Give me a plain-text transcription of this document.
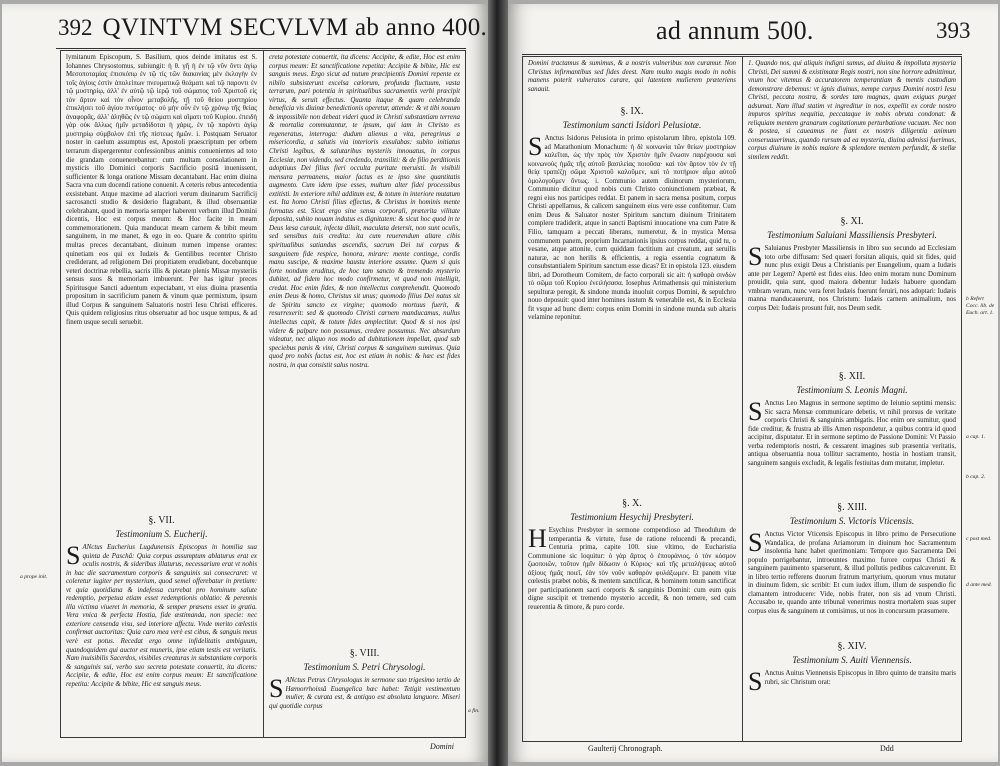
392 QVINTVM SECVLVM ab anno 400.

lymitanum Episcopum, S. Basilium, quos deinde imitatus est S. Iohannes Chrysostomus, subiungit: ἡ θ. γῆ ἡ ἐν τῷ νῦν ὄντι ἁγίῳ Μεσοποταμίας ἐπισκόπῳ ἐν τῷ τίς τῶν διακονίας μὲν ἐκλογὴν ἐν τοῖς ἁγίοις ἐστὶν ἀπολείπων πνευματικῷ θεάματι καὶ τῷ παροντι ἐν τῷ μυστηρίῳ, ἀλλ' ἐν αὐτῷ τῷ ἱερῷ τοῦ σώματος τοῦ Χριστοῦ εἰς τὸν ἄρτον καὶ τὸν οἶνον μεταβολῆς, τῇ τοῦ θείου μυστηρίου ἐπικλήσει τοῦ ἁγίου πνεύματος· οὐ μὴν οὖν ἐν τῷ χρόνῳ τῆς θείας ἀναφορᾶς, ἀλλ' ἀληθῶς ἐν τῷ σώματι καὶ αἵματι τοῦ Κυρίου. ἐπειδὴ γὰρ οὐκ ἄλλως ἡμῖν μεταδίδοται ἡ χάρις, ἐν τῷ παρόντι ἀγίῳ μυστηρίῳ σύμβολον ἐπὶ τῆς πίστεως ἡμῶν. i. Postquam Seruator noster in caelum assumptus est, Apostoli praescriptum per orbem terrarum dispergerentur confessionibus animis conuenientes ad toto die grandam conuenerebantur: cum multam consolationem in mysticis illo Dominici corporis Sacrificio positâ inuenissent, sufficienter & longa oratione Missam decantabant. Hac enim diuina Sacra vna cum docendi ratione conuenit. A ceteris rebus antecedentia exsistebant. Atque maxime ad alacriori verum diuinarum Sacrificij sacrosancti studio & desiderio flagrabant, & illud obseruantiæ celebrabant, quod in memoria semper haberent verbum illud Domini dicentis, Hoc est corpus meum: & Hoc facite in meam commemorationem. Quia manducat meam carnem & bibit meum sanguinem, in me manet, & ego in eo. Quare & contrito spiritu multas preces decantabant, diuinum numen impense orantes: quinetiam eos qui ex Iudæis & Gentilibus recenter Christo crediderant, ad religionem Dei propitiatem erudiebant, docebantque veteri doctrinæ rebellia, sacris illis & pietate plenis Missæ mysteriis sensus suos & memoriam imbuerunt. Per has igitur preces Spiritusque Sancti aduentum expectabant, vt eius diuina præsentia propositum in sacrificium panem & vinum quæ permixtum, ipsum illud Corpus & sanguinem Saluatoris nostri Iesu Christi efficeres. Quis quidem religiosius ritus obseruatur ad hoc usque tempus, & ad finem usque seculi seruebit.

§. VII.
Testimonium S. Eucherij.
S ANctus Eucherius Lugdunensis Episcopus in homilia sua quinta de Paschâ: Quia corpus assumptum ablaturus erat ex oculis nostris, & sideribus illaturus, necessarium erat vt nobis in hac die sacramentum corporis & sanguinis sui consecraret: vt coleretur iugiter per mysterium, quod semel offerebatur in pretium: vt quia quotidiana & indefessa currebat pro hominum salute redemptio, perpetua etiam esset redemptionis oblatio: & perennis illa victima viueret in memoria, & semper præsens esset in gratia. Vera vnica & perfecta Hostia, fide æstimanda, non specie: nec exteriore censenda visu, sed interiore affectu. Vnde merito cœlestis confirmat auctoritas: Quia caro mea verè est cibus, & sanguis meus verè est potus. Recedat ergo omne infidelitatis ambiguum, quandoquidem qui auctor est muneris, ipse etiam testis est veritatis. Nam inuisibilis Sacerdos, visibiles creaturas in substantiam corporis & sanguinis sui, verbo suo secreta potestate conuertit, ita dicens: Accipite, & edite, Hoc est enim corpus meum: Et sanctificatione repetita: Accipite & bibite, Hic est sanguis meus.

creta potestate conuertit, ita dicens: Accipite, & edite, Hoc est enim corpus meum: Et sanctificatione repetita: Accipite & bibite, Hic est sanguis meus. Ergo sicut ad nutum præcipientis Domini repente ex nihilo subsisterunt excelsa cælorum, profunda fluctuum, vasta terrarum, pari potentia in spiritualibus sacramentis verbi præcipit virtus, & seruit effectus. Quanta itaque & quam celebranda beneficia vis diuinæ benedictionis operetur, attende: & vt tibi nouum & impossibile non debeat videri quod in Christi substantiam terrena & mortalia commutantur, te ipsum, qui iam in Christo es regeneratus, interroga: dudum alienus a vita, peregrinus a misericordia, a salutis via interioris exsulabas: subito initiatus Christi legibus, & salutaribus mysteriis innouatus, in corpus Ecclesiæ, non videndo, sed credendo, transiliti: & de filio perditionis adoptiuus Dei filius fieri occulta puritate meruisti. In visibili mensura permanens, maior factus es te ipso sine quantitatis augmento. Cum idem ipse esses, multum alter fidei processibus extitisti. In exteriore nihil additum est, & totum in interiore mutatum est. Ita homo Christi filius effectus, & Christus in hominis mente formatus est. Sicut ergo sine sensu corporali, præterita vilitate deposita, subito nouam indutus es dignitatem: & sicut hoc quod in te Deus læsa curauit, infecta diluit, maculata detersit, non sunt oculis, sed sensibus tuis credita: ita cum reuerendum altare cibis spiritualibus satiandus ascendis, sacrum Dei tui corpus & sanguinem fide respice, honora, mirare: mente continge, cordis manu suscipe, & maxime haustu interiore assume. Quem si quis forte nondum eruditus, de hoc tam sancto & tremendo mysterio dubitet, ad fidem hoc modo confirmetur, vt quod non intelligit, credat. Hoc enim fides, & non intellectus comprehendit. Quomodo enim Deus & homo, Christus sit unus; quomodo filius Dei natus sit de Spiritu sancto ex virgine; quomodo mortuus fuerit, & resurrexerit: sed & quomodo Christi carnem manducamus, nullus intellectus capit, & totum fides amplectitur. Quod & si nos ipsi videre & palpare non possumus, credere possumus. Nec absurdum videatur, nec aliquo nos modo ad dubitationem impellat, quod sub speciebus panis & vini, Christi corpus & sanguinem sumimus. Quia quod pro nobis factus est, hoc est etiam in nobis: & hæc est fides nostra, in qua consistit salus nostra.

§. VIII.
Testimonium S. Petri Chrysologi.
S ANctus Petrus Chrysologus in sermone suo trigesimo tertio de Hæmorrhoissâ Euangelica hæc habet: Tetigit vestimentum mulier, & curata est, & antiquo est absoluta languore. Miseri qui quotidie corpus

a prope init.
a fin.
Domini
ad annum 500.	393

Domini tractamus & sumimus, & a nostris vulneribus non curamur. Non Christus infirmantibus sed fides deest. Nam multo magis modo in nobis manens poterit vulneratos curare, qui latentem mulierem præteriens sanauit.

§. IX.
Testimonium sancti Isidori Pelusiotæ.
S Anctus Isidorus Pelusiota in primo epistolarum libro, epistola 109. ad Marathonium Monachum: ἡ δὲ κοινωνία τῶν θείων μυστηρίων καλεῖται, ὡς τὴν πρὸς τὸν Χριστὸν ἡμῖν ἕνωσιν παρέχουσα καὶ κοινωνοὺς ἡμᾶς τῆς αὐτοῦ βασιλείας ποιοῦσα· καὶ τὸν ἄρτον τὸν ἐν τῇ θείᾳ τραπέζῃ σῶμα Χριστοῦ καλοῦμεν, καὶ τὸ ποτήριον αἷμα αὐτοῦ ὁμολογοῦμεν ὄντως. i. Communio autem diuinorum mysteriorum, Communio dicitur quod nobis cum Christo coniunctionem præbeat, & regni eius nos participes reddat. Et panem in sacra mensa positum, corpus Christi appellamus, & calicem sanguinem eius vere esse confitemur. Cum enim Deus & Saluator noster Spiritum sanctum diuinum Trinitatem complere tradiderit, atque in sancti Baptismi inuocatione vna cum Patre & Filio, tamquam a peccati liberans, numeretur, & in mystica Mensa communem panem, proprium Incarnationis ipsius corpus reddat, quid tu, o vesane, atque attonite, cum quiddam factitium aut creatum, aut seruilis naturæ, ac non herilis & efficientis, a regia essentia cognatum & consubstantialem Spiritum sanctum esse dicas? Et in epistola 123. eiusdem libri, ad Dorotheum Comitem, de facto corporali sic ait: ἡ καθαρὰ σινδὼν τὸ σῶμα τοῦ Κυρίου ἐνειλήσασα. Iosephus Arimathensis qui ministerium sepulturæ peregit, & sindone munda inuoluit corpus Domini, & sepulchro nouo deposuit: quod inter homines iustum & venerabile est, & in Ecclesia fit vsque ad hunc diem: corpus enim Domini in sindone munda sub altaris velamine reponitur.

§. X.
Testimonium Hesychij Presbyteri.
H Esychius Presbyter in sermone compendioso ad Theodulum de temperantia & virtute, fuse de ratione relucendi & precandi, Centuria prima, capite 100. siue vltimo, de Eucharistia Communione sic loquitur: ὁ γὰρ ἄρτος ὁ ἐπουράνιος, ὁ τὸν κόσμον ζωοποιῶν, τοῦτον ἡμῖν δίδωσιν ὁ Κύριος· καὶ τῆς μεταλήψεως αὐτοῦ ἀξίους ἡμᾶς ποιεῖ, ἐὰν τὸν νοῦν καθαρὸν φυλάξωμεν. Et panem vitæ cœlestis præbet nobis, & mentem sanctificat, & hominem totum sanctificat per participationem sacri corporis & sanguinis Domini: cum eum quis digne suscipit et tremendo mysterio accedit, & non temere, sed cum reuerentia & timore, & puro corde.

1. Quando nos, qui aliquis indigni sumus, ad diuina & impolluta mysteria Christi, Dei summi & existimatæ Regis nostri, non sine horrore admittimur, vnum hoc vitemus & accuratorem temperantiam & mentis custodiam demonstrare debemus: vt ignis diuinus, nempe corpus Domini nostri Iesu Christi, peccata nostra, & sordes tam magnas, quam exiguas purget adsumat. Nam illud statim vt ingreditur in nos, expellit ex corde nostro impuros spiritus nequitia, peccataque in nobis obruta condonat: & reliquiam mentem granarum cogitationum perturbatione vacuam. Nec non & postea, si caueamus ne fiant ex nostris diligentia animum conseruauerimus, quando rursum ad ea mysteria, diuina admissi fuerimus, corpus diuinum in nobis maiore & splendore mentem perfundit, & stellæ similem reddit.

§. XI.
Testimonium Saluiani Massiliensis Presbyteri.
S Saluianus Presbyter Massiliensis in libro suo secundo ad Ecclesiam toto orbe diffusam: Sed quaeri forsitan aliquis, quid sit fides, quid nunc plus exigit Deus a Christianis per Euangelium, quam a Iudæis ante per Legem? Apertè est fides eius. Ideo enim moram nunc Dominum prouidit, quia sunt, quod maiora debentur Iudæis habuere quondam vmbram veram, nunc vera feret Iudæis fuerunt feruiri, nos adoptari: Iudæis manna manducauerunt, nos Christum: Iudæis carnem animalium, nos corpus Dei: Iudæis prosunt fuit, nos Deum sedit.

§. XII.
Testimonium S. Leonis Magni.
S Anctus Leo Magnus in sermone septimo de Ieiunio septimi mensis: Sic sacra Mensæ communicare debetis, vt nihil prorsus de veritate corporis Christi & sanguinis ambigatis. Hoc enim ore sumitur, quod fide creditur, & frustra ab illis Amen respondetur, a quibus contra id quod accipitur, disputatur. Et in sermone septimo de Passione Domini: Vt Passio verba redemptoris nostri, & cessarent imagines sub præsentia veritatis, antiqua obseruantia noua tollitur sacramento, hostia in hostiam transit, sanguinem sanguis excludit, & legalis festiuitas dum mutatur, impletur.

§. XIII.
Testimonium S. Victoris Vticensis.
S Anctus Victor Vticensis Episcopus in libro primo de Persecutione Wandalica, de profana Ariamorum in diuinum hoc Sacramentum insolentia hanc habet querimoniam: Tempore quo Sacramenta Dei populo porrigebantur, introeuntes maximo furore corpus Christi & sanguinem pauimento sparserunt, & illud pollutis pedibus calcaverunt. Et in libro tertio refferens duorum fratrum martyrium, quorum vnus mutatur in diuinum fidem, sic scribit: Et cum iudex illum, illum de suspendio fic clamantem introducere: Vide, nobis frater, non sis ad vnum Christi. Accusabo te, quando ante tribunal venerimus nostra mortalem suas super corpus eius & sanguinem ut comisimus, ut nos in concursum præsumere.

§. XIV.
Testimonium S. Auiti Viennensis.
S Anctus Auitus Viennensis Episcopus in libro quinto de transitu maris rubri, sic Christum orat:

b Refert Cocc. lib. de Euch. art. 1.
a cap. 1.
b cap. 2.
c post med.
d ante med.
Gaulterij Chronograph.	Ddd
